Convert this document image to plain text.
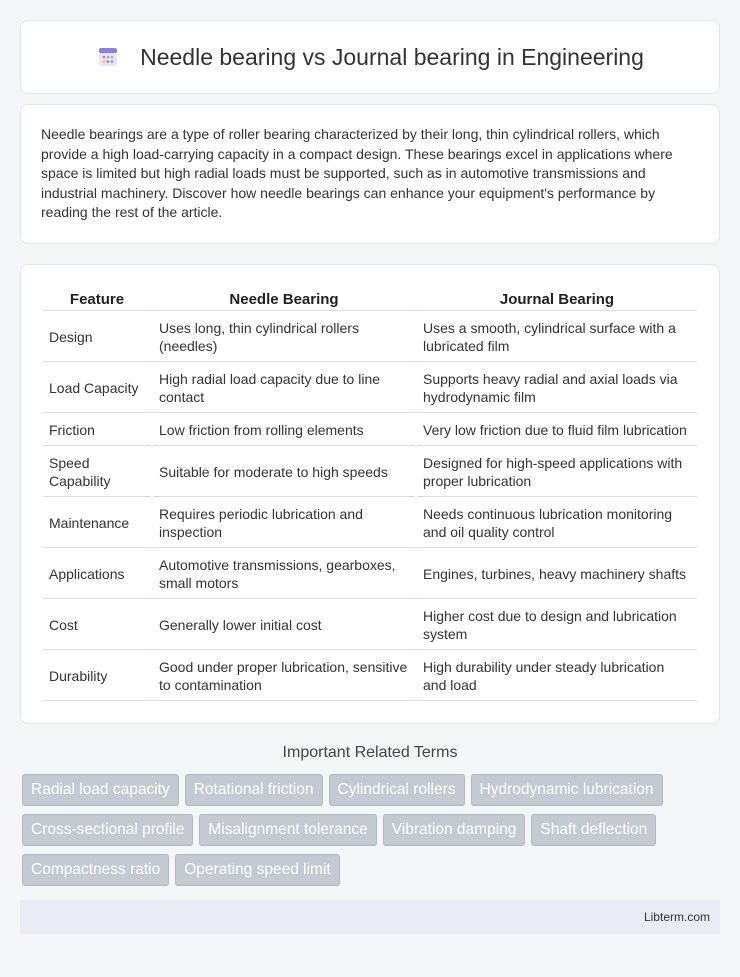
Needle bearing vs Journal bearing in Engineering

Needle bearings are a type of roller bearing characterized by their long, thin cylindrical rollers, which provide a high load-carrying capacity in a compact design. These bearings excel in applications where space is limited but high radial loads must be supported, such as in automotive transmissions and industrial machinery. Discover how needle bearings can enhance your equipment's performance by reading the rest of the article.

Feature	Needle Bearing	Journal Bearing
Design	Uses long, thin cylindrical rollers (needles)	Uses a smooth, cylindrical surface with a lubricated film
Load Capacity	High radial load capacity due to line contact	Supports heavy radial and axial loads via hydrodynamic film
Friction	Low friction from rolling elements	Very low friction due to fluid film lubrication
Speed Capability	Suitable for moderate to high speeds	Designed for high-speed applications with proper lubrication
Maintenance	Requires periodic lubrication and inspection	Needs continuous lubrication monitoring and oil quality control
Applications	Automotive transmissions, gearboxes, small motors	Engines, turbines, heavy machinery shafts
Cost	Generally lower initial cost	Higher cost due to design and lubrication system
Durability	Good under proper lubrication, sensitive to contamination	High durability under steady lubrication and load
Important Related Terms
Radial load capacity	Rotational friction	Cylindrical rollers	Hydrodynamic lubrication
Cross-sectional profile	Misalignment tolerance	Vibration damping	Shaft deflection
Compactness ratio	Operating speed limit
Libterm.com
